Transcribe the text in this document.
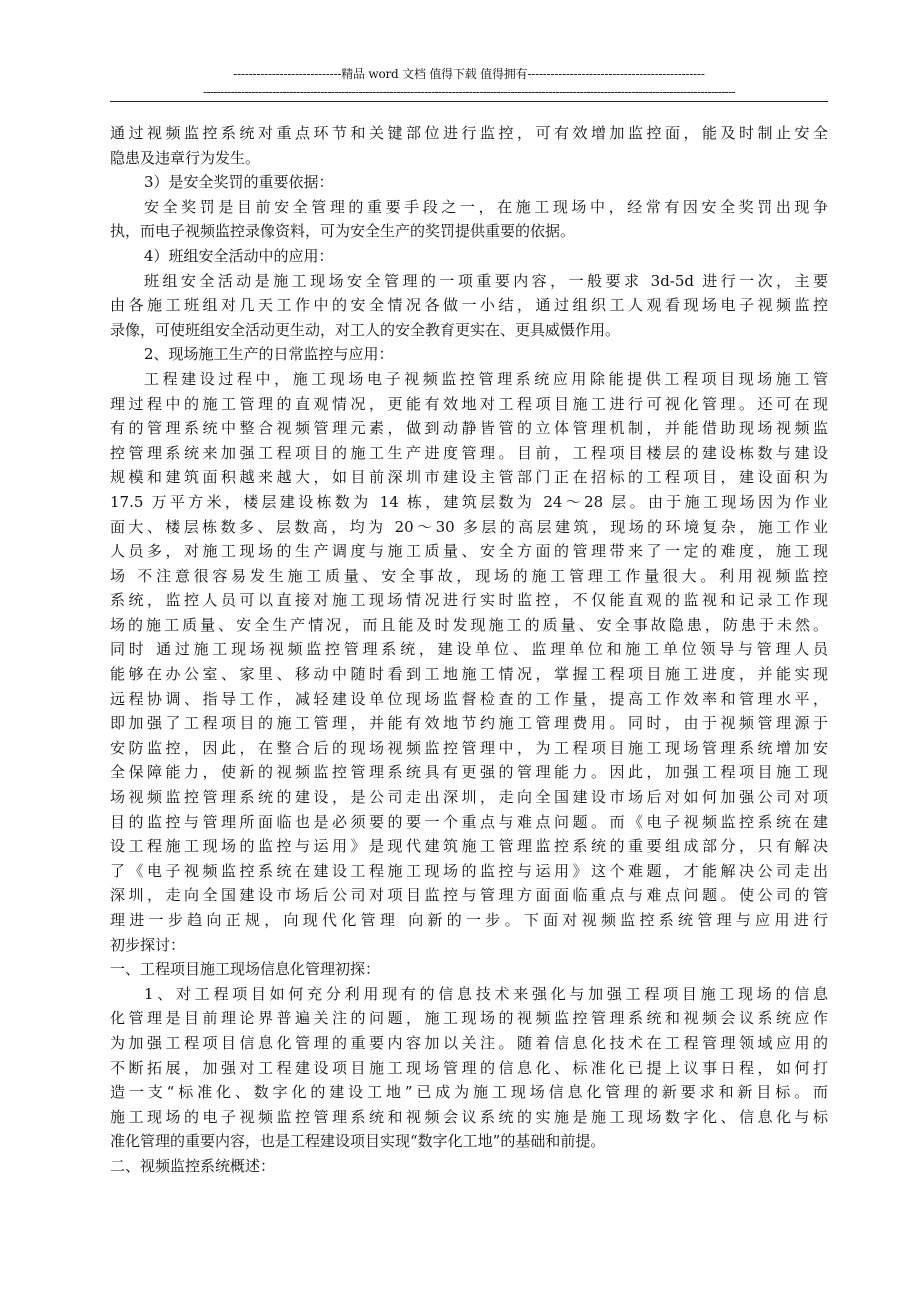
----------------------------精品 word 文档 值得下载 值得拥有----------------------------------------------
----------------------------------------------------------------------------------------------------------------------------------------------------------
通过视频监控系统对重点环节和关键部位进行监控，可有效增加监控面，能及时制止安全
隐患及违章行为发生。
3）是安全奖罚的重要依据：
安全奖罚是目前安全管理的重要手段之一，在施工现场中，经常有因安全奖罚出现争
执，而电子视频监控录像资料，可为安全生产的奖罚提供重要的依据。
4）班组安全活动中的应用：
班组安全活动是施工现场安全管理的一项重要内容，一般要求 3d-5d 进行一次，主要
由各施工班组对几天工作中的安全情况各做一小结，通过组织工人观看现场电子视频监控
录像，可使班组安全活动更生动，对工人的安全教育更实在、更具威慑作用。
2、现场施工生产的日常监控与应用：
工程建设过程中，施工现场电子视频监控管理系统应用除能提供工程项目现场施工管
理过程中的施工管理的直观情况，更能有效地对工程项目施工进行可视化管理。还可在现
有的管理系统中整合视频管理元素，做到动静皆管的立体管理机制，并能借助现场视频监
控管理系统来加强工程项目的施工生产进度管理。目前，工程项目楼层的建设栋数与建设
规模和建筑面积越来越大，如目前深圳市建设主管部门正在招标的工程项目，建设面积为
17.5 万平方米，楼层建设栋数为 14 栋，建筑层数为 24～28 层。由于施工现场因为作业
面大、楼层栋数多、层数高，均为 20～30 多层的高层建筑，现场的环境复杂，施工作业
人员多，对施工现场的生产调度与施工质量、安全方面的管理带来了一定的难度，施工现
场 不注意很容易发生施工质量、安全事故，现场的施工管理工作量很大。利用视频监控
系统，监控人员可以直接对施工现场情况进行实时监控，不仅能直观的监视和记录工作现
场的施工质量、安全生产情况，而且能及时发现施工的质量、安全事故隐患，防患于未然。
同时 通过施工现场视频监控管理系统，建设单位、监理单位和施工单位领导与管理人员
能够在办公室、家里、移动中随时看到工地施工情况，掌握工程项目施工进度，并能实现
远程协调、指导工作，减轻建设单位现场监督检查的工作量，提高工作效率和管理水平，
即加强了工程项目的施工管理，并能有效地节约施工管理费用。同时，由于视频管理源于
安防监控，因此，在整合后的现场视频监控管理中，为工程项目施工现场管理系统增加安
全保障能力，使新的视频监控管理系统具有更强的管理能力。因此，加强工程项目施工现
场视频监控管理系统的建设，是公司走出深圳，走向全国建设市场后对如何加强公司对项
目的监控与管理所面临也是必须要的要一个重点与难点问题。而《电子视频监控系统在建
设工程施工现场的监控与运用》是现代建筑施工管理监控系统的重要组成部分，只有解决
了《电子视频监控系统在建设工程施工现场的监控与运用》这个难题，才能解决公司走出
深圳，走向全国建设市场后公司对项目监控与管理方面面临重点与难点问题。使公司的管
理进一步趋向正规，向现代化管理 向新的一步。下面对视频监控系统管理与应用进行
初步探讨：
一、工程项目施工现场信息化管理初探：
1、对工程项目如何充分利用现有的信息技术来强化与加强工程项目施工现场的信息
化管理是目前理论界普遍关注的问题，施工现场的视频监控管理系统和视频会议系统应作
为加强工程项目信息化管理的重要内容加以关注。随着信息化技术在工程管理领域应用的
不断拓展，加强对工程建设项目施工现场管理的信息化、标准化已提上议事日程，如何打
造一支“标准化、数字化的建设工地”已成为施工现场信息化管理的新要求和新目标。而
施工现场的电子视频监控管理系统和视频会议系统的实施是施工现场数字化、信息化与标
准化管理的重要内容，也是工程建设项目实现“数字化工地”的基础和前提。
二、视频监控系统概述：
